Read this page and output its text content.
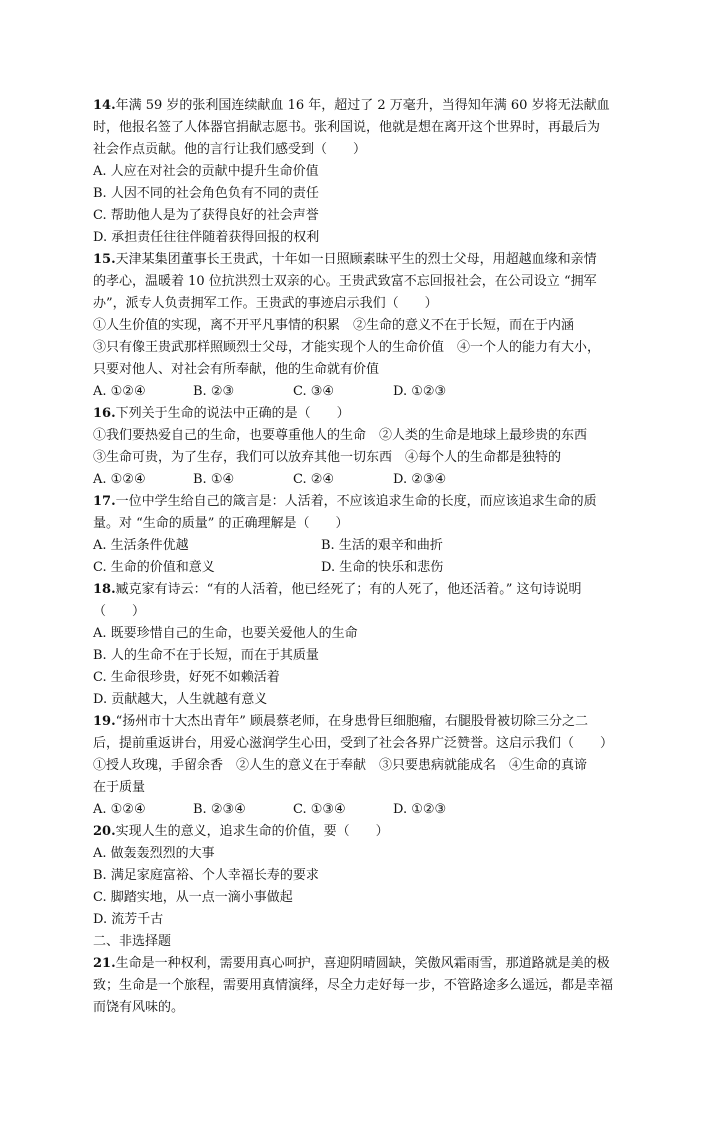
14.年满 59 岁的张利国连续献血 16 年，超过了 2 万毫升，当得知年满 60 岁将无法献血
时，他报名签了人体器官捐献志愿书。张利国说，他就是想在离开这个世界时，再最后为
社会作点贡献。他的言行让我们感受到（　　）
A. 人应在对社会的贡献中提升生命价值
B. 人因不同的社会角色负有不同的责任
C. 帮助他人是为了获得良好的社会声誉
D. 承担责任往往伴随着获得回报的权利
15.天津某集团董事长王贵武，十年如一日照顾素昧平生的烈士父母，用超越血缘和亲情
的孝心，温暖着 10 位抗洪烈士双亲的心。王贵武致富不忘回报社会，在公司设立 “拥军
办”，派专人负责拥军工作。王贵武的事迹启示我们（　　）
①人生价值的实现，离不开平凡事情的积累　②生命的意义不在于长短，而在于内涵
③只有像王贵武那样照顾烈士父母，才能实现个人的生命价值　④一个人的能力有大小，
只要对他人、对社会有所奉献，他的生命就有价值
A. ①②④	B. ②③	C. ③④	D. ①②③
16.下列关于生命的说法中正确的是（　　）
①我们要热爱自己的生命，也要尊重他人的生命　②人类的生命是地球上最珍贵的东西
③生命可贵，为了生存，我们可以放弃其他一切东西　④每个人的生命都是独特的
A. ①②④	B. ①④	C. ②④	D. ②③④
17.一位中学生给自己的箴言是：人活着，不应该追求生命的长度，而应该追求生命的质
量。对 “生命的质量” 的正确理解是（　　）
A. 生活条件优越	B. 生活的艰辛和曲折
C. 生命的价值和意义	D. 生命的快乐和悲伤
18.臧克家有诗云：“有的人活着，他已经死了；有的人死了，他还活着。” 这句诗说明
（　　）
A. 既要珍惜自己的生命，也要关爱他人的生命
B. 人的生命不在于长短，而在于其质量
C. 生命很珍贵，好死不如赖活着
D. 贡献越大，人生就越有意义
19.“扬州市十大杰出青年” 顾晨蔡老师，在身患骨巨细胞瘤，右腿股骨被切除三分之二
后，提前重返讲台，用爱心滋润学生心田，受到了社会各界广泛赞誉。这启示我们（　　）
①授人玫瑰，手留余香　②人生的意义在于奉献　③只要患病就能成名　④生命的真谛
在于质量
A. ①②④	B. ②③④	C. ①③④	D. ①②③
20.实现人生的意义，追求生命的价值，要（　　）
A. 做轰轰烈烈的大事
B. 满足家庭富裕、个人幸福长寿的要求
C. 脚踏实地，从一点一滴小事做起
D. 流芳千古
二、非选择题
21.生命是一种权利，需要用真心呵护，喜迎阴晴圆缺，笑傲风霜雨雪，那道路就是美的极
致；生命是一个旅程，需要用真情演绎，尽全力走好每一步，不管路途多么遥远，都是幸福
而饶有风味的。
